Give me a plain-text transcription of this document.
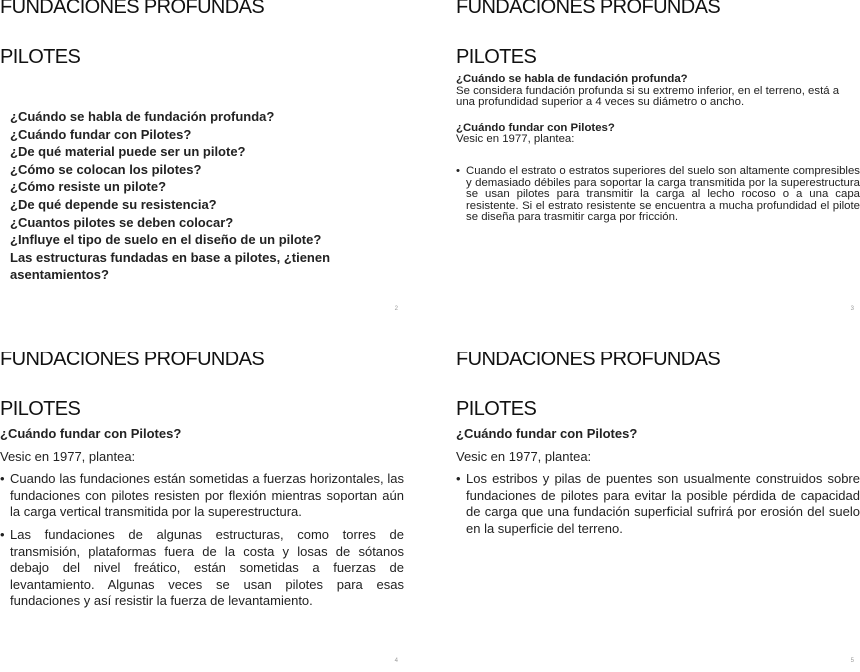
FUNDACIONES PROFUNDAS
PILOTES
¿Cuándo se habla de fundación profunda?
¿Cuándo fundar con Pilotes?
¿De qué material puede ser un pilote?
¿Cómo se colocan los pilotes?
¿Cómo resiste un pilote?
¿De qué depende su resistencia?
¿Cuantos pilotes se deben colocar?
¿Influye el tipo de suelo en el diseño de un pilote?
Las estructuras fundadas en base a pilotes, ¿tienen asentamientos?
2
FUNDACIONES PROFUNDAS
PILOTES

¿Cuándo se habla de fundación profunda?

Se considera fundación profunda si su extremo inferior, en el terreno, está a una profundidad superior a 4 veces su diámetro o ancho.

¿Cuándo fundar con Pilotes?

Vesic en 1977, plantea:

• Cuando el estrato o estratos superiores del suelo son altamente compresibles y demasiado débiles para soportar la carga transmitida por la superestructura se usan pilotes para transmitir la carga al lecho rocoso o a una capa resistente. Si el estrato resistente se encuentra a mucha profundidad el pilote se diseña para trasmitir carga por fricción.
3
FUNDACIONES PROFUNDAS
PILOTES

¿Cuándo fundar con Pilotes?

Vesic en 1977, plantea:

• Cuando las fundaciones están sometidas a fuerzas horizontales, las fundaciones con pilotes resisten por flexión mientras soportan aún la carga vertical transmitida por la superestructura.
• Las fundaciones de algunas estructuras, como torres de transmisión, plataformas fuera de la costa y losas de sótanos debajo del nivel freático, están sometidas a fuerzas de levantamiento. Algunas veces se usan pilotes para esas fundaciones y así resistir la fuerza de levantamiento.
4
FUNDACIONES PROFUNDAS
PILOTES

¿Cuándo fundar con Pilotes?

Vesic en 1977, plantea:

• Los estribos y pilas de puentes son usualmente construidos sobre fundaciones de pilotes para evitar la posible pérdida de capacidad de carga que una fundación superficial sufrirá por erosión del suelo en la superficie del terreno.
5
